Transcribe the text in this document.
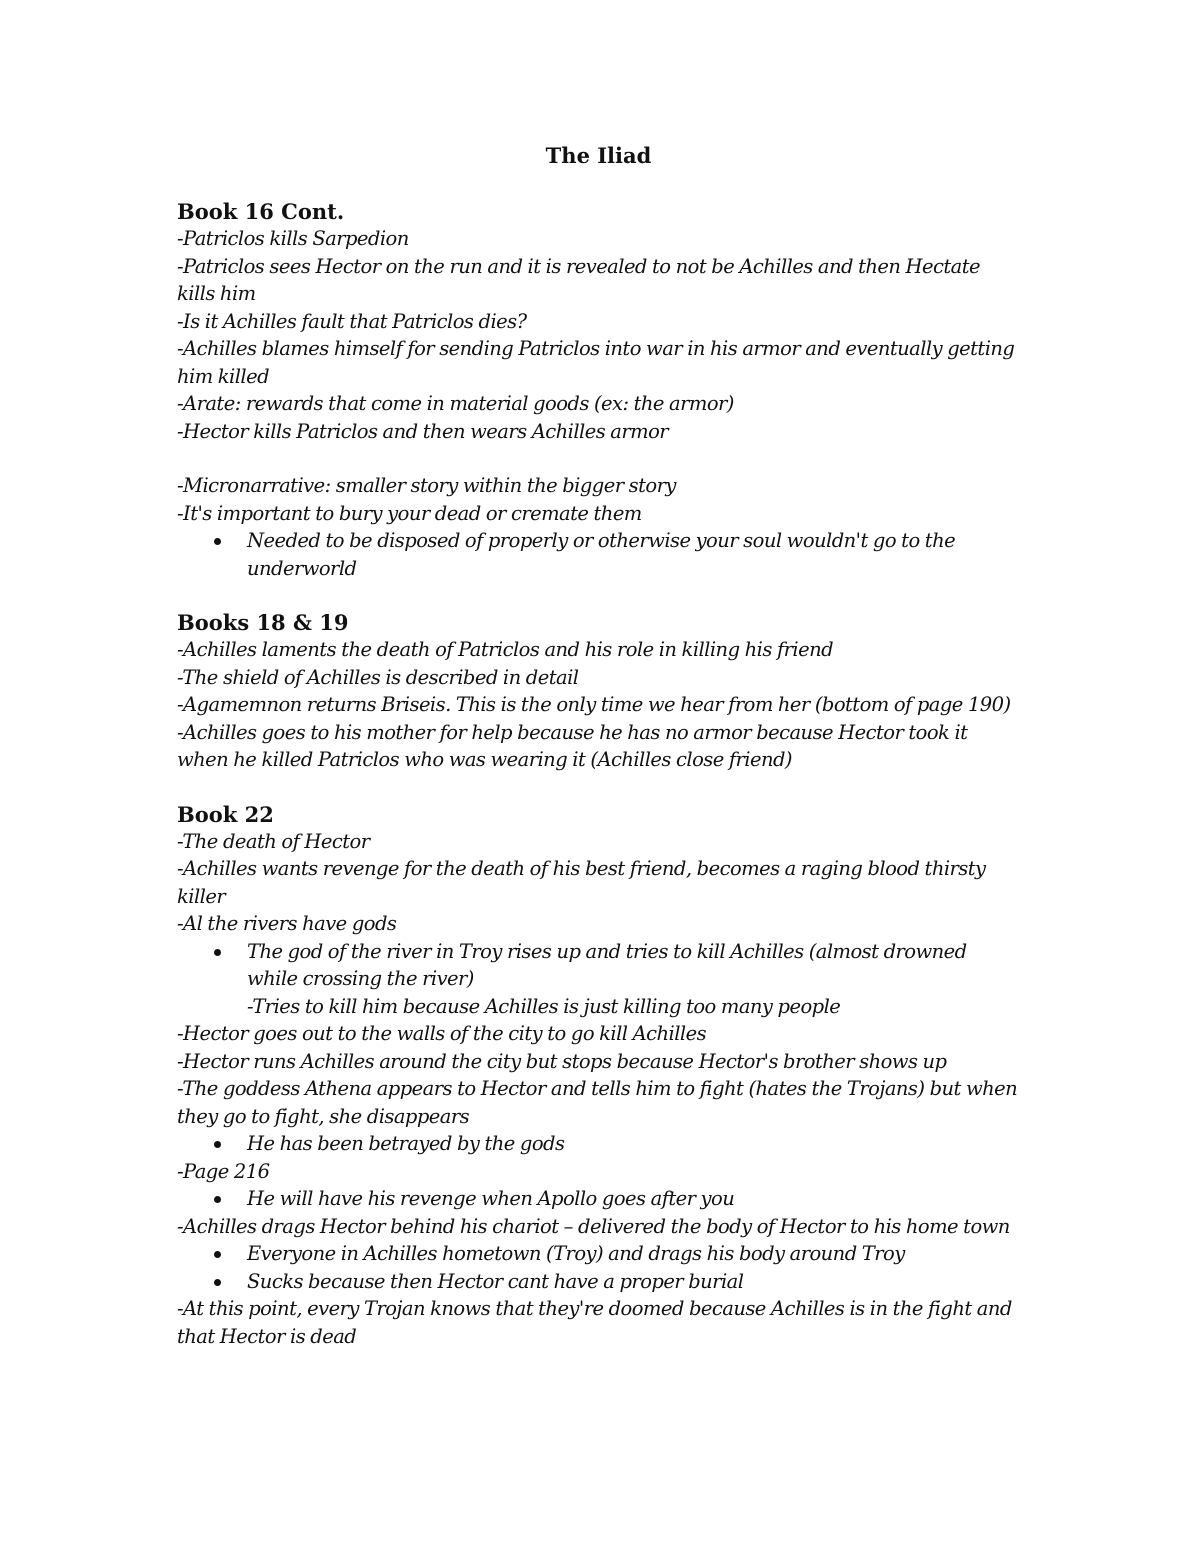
The Iliad
Book 16 Cont.

-Patriclos kills Sarpedion

-Patriclos sees Hector on the run and it is revealed to not be Achilles and then Hectate kills him

-Is it Achilles fault that Patriclos dies?

-Achilles blames himself for sending Patriclos into war in his armor and eventually getting him killed

-Arate: rewards that come in material goods (ex: the armor)

-Hector kills Patriclos and then wears Achilles armor

-Micronarrative: smaller story within the bigger story

-It's important to bury your dead or cremate them

Needed to be disposed of properly or otherwise your soul wouldn't go to the underworld

Books 18 & 19

-Achilles laments the death of Patriclos and his role in killing his friend

-The shield of Achilles is described in detail

-Agamemnon returns Briseis. This is the only time we hear from her (bottom of page 190)

-Achilles goes to his mother for help because he has no armor because Hector took it when he killed Patriclos who was wearing it (Achilles close friend)

Book 22

-The death of Hector

-Achilles wants revenge for the death of his best friend, becomes a raging blood thirsty killer

-Al the rivers have gods

The god of the river in Troy rises up and tries to kill Achilles (almost drowned while crossing the river)

-Tries to kill him because Achilles is just killing too many people

-Hector goes out to the walls of the city to go kill Achilles

-Hector runs Achilles around the city but stops because Hector's brother shows up

-The goddess Athena appears to Hector and tells him to fight (hates the Trojans) but when they go to fight, she disappears

He has been betrayed by the gods

-Page 216

He will have his revenge when Apollo goes after you

-Achilles drags Hector behind his chariot – delivered the body of Hector to his home town

Everyone in Achilles hometown (Troy) and drags his body around Troy

Sucks because then Hector cant have a proper burial

-At this point, every Trojan knows that they're doomed because Achilles is in the fight and that Hector is dead
